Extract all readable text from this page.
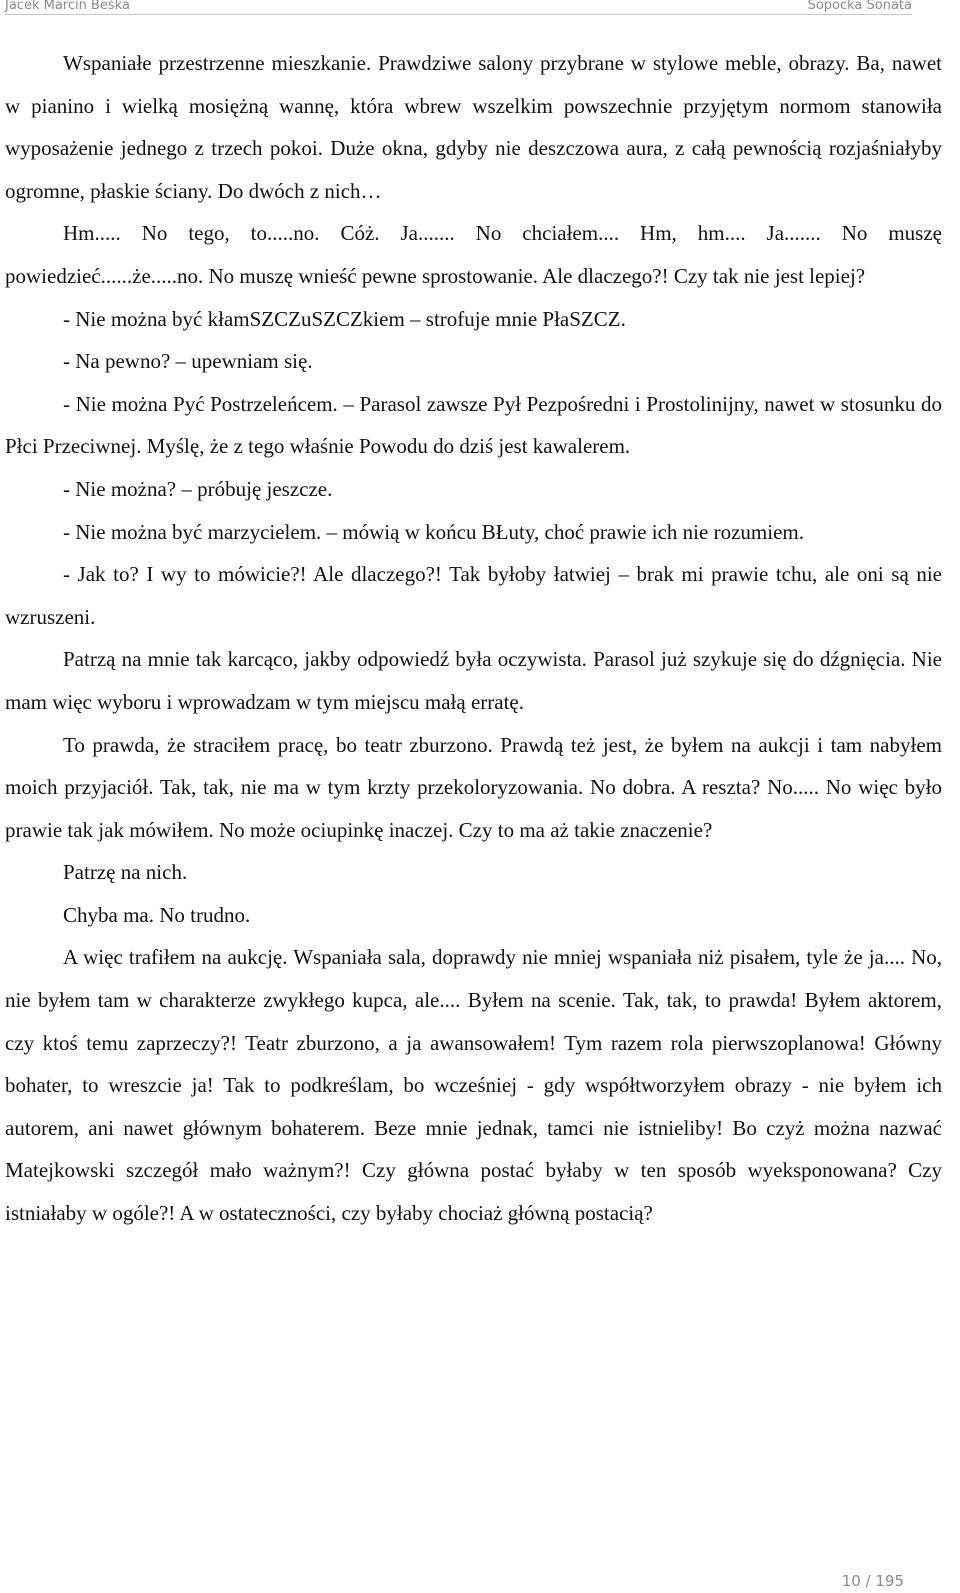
Jacek Marcin Beśka	Sopocka Sonata

Wspaniałe przestrzenne mieszkanie. Prawdziwe salony przybrane w stylowe meble, obrazy. Ba, nawet w pianino i wielką mosiężną wannę, która wbrew wszelkim powszechnie przyjętym normom stanowiła wyposażenie jednego z trzech pokoi. Duże okna, gdyby nie deszczowa aura, z całą pewnością rozjaśniałyby ogromne, płaskie ściany. Do dwóch z nich…

Hm..... No tego, to.....no. Cóż. Ja....... No chciałem.... Hm, hm.... Ja....... No muszę powiedzieć......że.....no. No muszę wnieść pewne sprostowanie. Ale dlaczego?! Czy tak nie jest lepiej?

- Nie można być kłamSZCZuSZCZkiem – strofuje mnie PłaSZCZ.

- Na pewno? – upewniam się.

- Nie można Pyć Postrzeleńcem. – Parasol zawsze Pył Pezpośredni i Prostolinijny, nawet w stosunku do Płci Przeciwnej. Myślę, że z tego właśnie Powodu do dziś jest kawalerem.

- Nie można? – próbuję jeszcze.

- Nie można być marzycielem. – mówią w końcu BŁuty, choć prawie ich nie rozumiem.

- Jak to? I wy to mówicie?! Ale dlaczego?! Tak byłoby łatwiej – brak mi prawie tchu, ale oni są nie wzruszeni.

Patrzą na mnie tak karcąco, jakby odpowiedź była oczywista. Parasol już szykuje się do dźgnięcia. Nie mam więc wyboru i wprowadzam w tym miejscu małą erratę.

To prawda, że straciłem pracę, bo teatr zburzono. Prawdą też jest, że byłem na aukcji i tam nabyłem moich przyjaciół. Tak, tak, nie ma w tym krzty przekoloryzowania. No dobra. A reszta? No..... No więc było prawie tak jak mówiłem. No może ociupinkę inaczej. Czy to ma aż takie znaczenie?

Patrzę na nich.

Chyba ma. No trudno.

A więc trafiłem na aukcję. Wspaniała sala, doprawdy nie mniej wspaniała niż pisałem, tyle że ja.... No, nie byłem tam w charakterze zwykłego kupca, ale.... Byłem na scenie. Tak, tak, to prawda! Byłem aktorem, czy ktoś temu zaprzeczy?! Teatr zburzono, a ja awansowałem! Tym razem rola pierwszoplanowa! Główny bohater, to wreszcie ja! Tak to podkreślam, bo wcześniej - gdy współtworzyłem obrazy - nie byłem ich autorem, ani nawet głównym bohaterem. Beze mnie jednak, tamci nie istnieliby! Bo czyż można nazwać Matejkowski szczegół mało ważnym?! Czy główna postać byłaby w ten sposób wyeksponowana? Czy istniałaby w ogóle?! A w ostateczności, czy byłaby chociaż główną postacią?

10 / 195
